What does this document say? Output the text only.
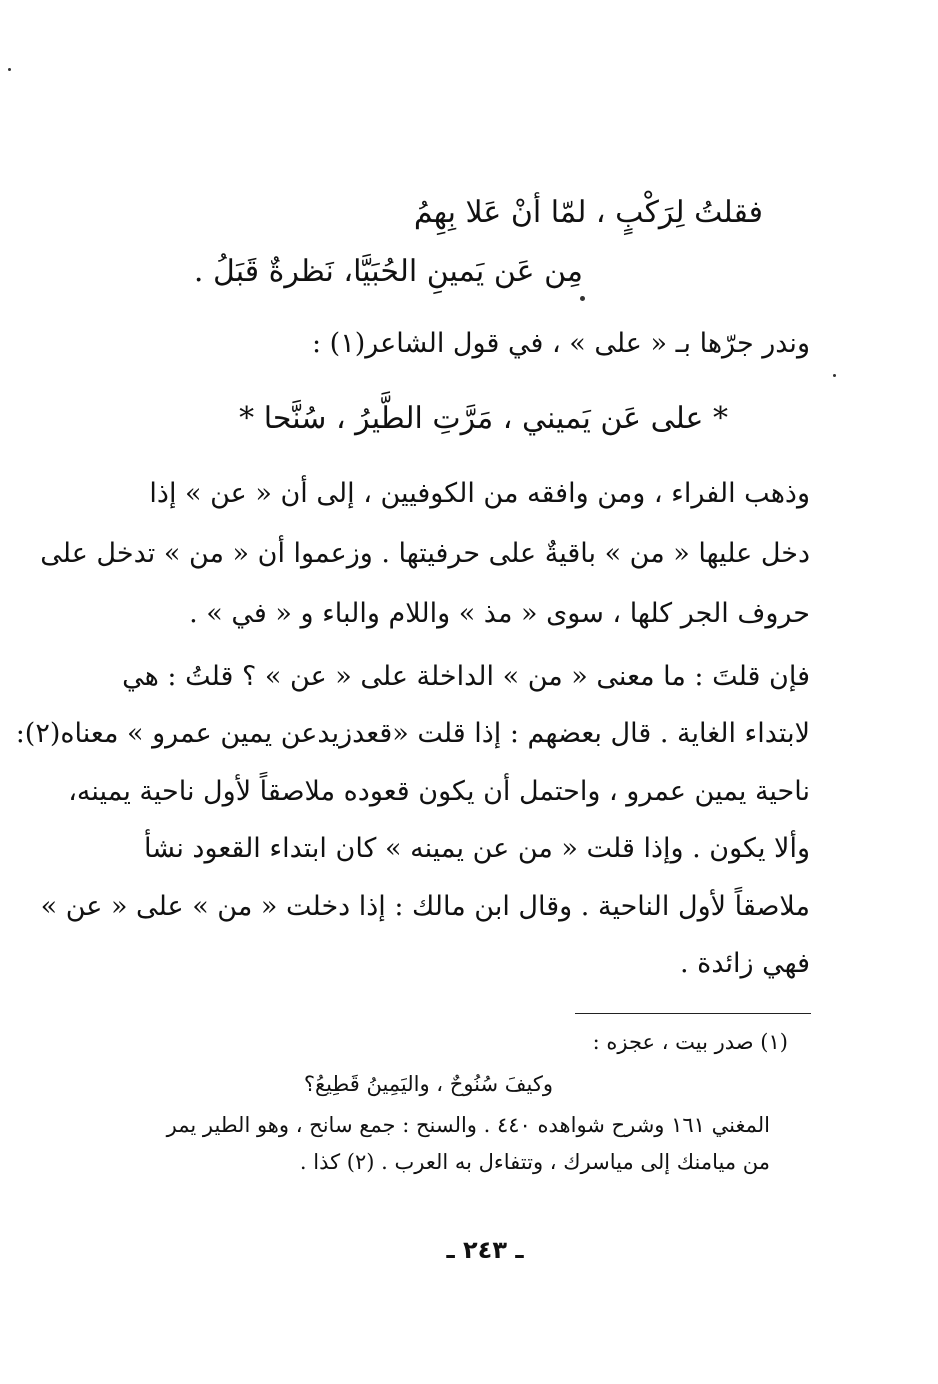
فقلتُ لِرَكْبٍ ، لمّا أنْ عَلا بِهِمُ
مِن عَن يَمينِ الحُبَيَّا، نَظرةٌ قَبَلُ .
وندر جرّها بـ « على » ، في قول الشاعر(١) :
* على عَن يَميني ، مَرَّتِ الطَّيرُ ، سُنَّحا *
وذهب الفراء ، ومن وافقه من الكوفيين ، إلى أن « عن » إذا
دخل عليها « من » باقيةٌ على حرفيتها . وزعموا أن « من » تدخل على
حروف الجر كلها ، سوى « مذ » واللام والباء و « في » .
فإن قلتَ : ما معنى « من » الداخلة على « عن » ؟ قلتُ : هي
لابتداء الغاية . قال بعضهم : إذا قلت «قعدزيدعن يمين عمرو » معناه(٢):
ناحية يمين عمرو ، واحتمل أن يكون قعوده ملاصقاً لأول ناحية يمينه،
وألا يكون . وإذا قلت « من عن يمينه » كان ابتداء القعود نشأ
ملاصقاً لأول الناحية . وقال ابن مالك : إذا دخلت « من » على « عن »
فهي زائدة .
(١) صدر بيت ، عجزه :
وكيفَ سُنُوحٌ ، واليَمِينُ قَطِيعُ؟
المغني ١٦١ وشرح شواهده ٤٤٠ . والسنح : جمع سانح ، وهو الطير يمر
من ميامنك إلى مياسرك ، وتتفاءل به العرب . (٢) كذا .
ـ ٢٤٣ ـ
